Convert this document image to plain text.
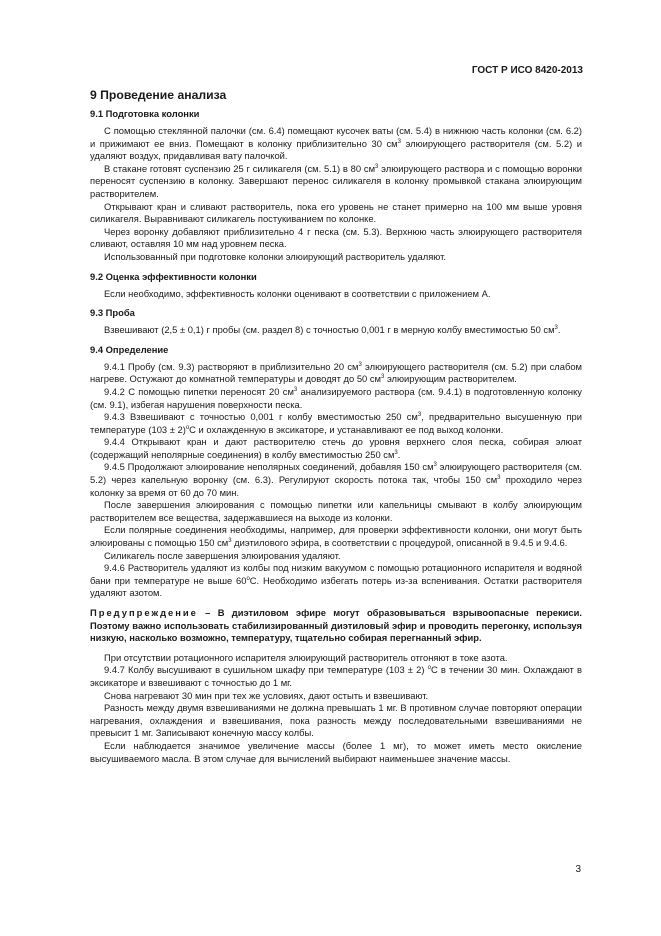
ГОСТ Р ИСО 8420-2013
9 Проведение анализа
9.1 Подготовка колонки

С помощью стеклянной палочки (см. 6.4) помещают кусочек ваты (см. 5.4) в нижнюю часть колонки (см. 6.2) и прижимают ее вниз. Помещают в колонку приблизительно 30 $см^3$ элюирующего растворителя (см. 5.2) и удаляют воздух, придавливая вату палочкой.

В стакане готовят суспензию 25 г силикагеля (см. 5.1) в 80 $см^3$ элюирующего раствора и с помощью воронки переносят суспензию в колонку. Завершают перенос силикагеля в колонку промывкой стакана элюирующим растворителем.

Открывают кран и сливают растворитель, пока его уровень не станет примерно на 100 мм выше уровня силикагеля. Выравнивают силикагель постукиванием по колонке.

Через воронку добавляют приблизительно 4 г песка (см. 5.3). Верхнюю часть элюирующего растворителя сливают, оставляя 10 мм над уровнем песка.

Использованный при подготовке колонки элюирующий растворитель удаляют.

9.2 Оценка эффективности колонки

Если необходимо, эффективность колонки оценивают в соответствии с приложением А.

9.3 Проба

Взвешивают (2,5 ± 0,1) г пробы (см. раздел 8) с точностью 0,001 г в мерную колбу вместимостью 50 $см^3$.

9.4 Определение

9.4.1 Пробу (см. 9.3) растворяют в приблизительно 20 $см^3$ элюирующего растворителя (см. 5.2) при слабом нагреве. Остужают до комнатной температуры и доводят до 50 $см^3$ элюирующим растворителем.

9.4.2 С помощью пипетки переносят 20 $см^3$ анализируемого раствора (см. 9.4.1) в подготовленную колонку (см. 9.1), избегая нарушения поверхности песка.

9.4.3 Взвешивают с точностью 0,001 г колбу вместимостью 250 $см^3$, предварительно высушенную при температуре $(103 \pm 2)^oС$ и охлажденную в эксикаторе, и устанавливают ее под выход колонки.

9.4.4 Открывают кран и дают растворителю стечь до уровня верхнего слоя песка, собирая элюат (содержащий неполярные соединения) в колбу вместимостью 250 $см^3$.

9.4.5 Продолжают элюирование неполярных соединений, добавляя 150 $см^3$ элюирующего растворителя (см. 5.2) через капельную воронку (см. 6.3). Регулируют скорость потока так, чтобы 150 $см^3$ проходило через колонку за время от 60 до 70 мин.

После завершения элюирования с помощью пипетки или капельницы смывают в колбу элюирующим растворителем все вещества, задержавшиеся на выходе из колонки.

Если полярные соединения необходимы, например, для проверки эффективности колонки, они могут быть элюированы с помощью 150 $см^3$ диэтилового эфира, в соответствии с процедурой, описанной в 9.4.5 и 9.4.6.

Силикагель после завершения элюирования удаляют.

9.4.6 Растворитель удаляют из колбы под низким вакуумом с помощью ротационного испарителя и водяной бани при температуре не выше 60$^o$С. Необходимо избегать потерь из-за вспенивания. Остатки растворителя удаляют азотом.

Предупреждение – В диэтиловом эфире могут образовываться взрывоопасные перекиси. Поэтому важно использовать стабилизированный диэтиловый эфир и проводить перегонку, используя низкую, насколько возможно, температуру, тщательно собирая перегнанный эфир.

При отсутствии ротационного испарителя элюирующий растворитель отгоняют в токе азота.

9.4.7 Колбу высушивают в сушильном шкафу при температуре (103 ± 2) $^o$С в течении 30 мин. Охлаждают в эксикаторе и взвешивают с точностью до 1 мг.

Снова нагревают 30 мин при тех же условиях, дают остыть и взвешивают.

Разность между двумя взвешиваниями не должна превышать 1 мг. В противном случае повторяют операции нагревания, охлаждения и взвешивания, пока разность между последовательными взвешиваниями не превысит 1 мг. Записывают конечную массу колбы.

Если наблюдается значимое увеличение массы (более 1 мг), то может иметь место окисление высушиваемого масла. В этом случае для вычислений выбирают наименьшее значение массы.

3
